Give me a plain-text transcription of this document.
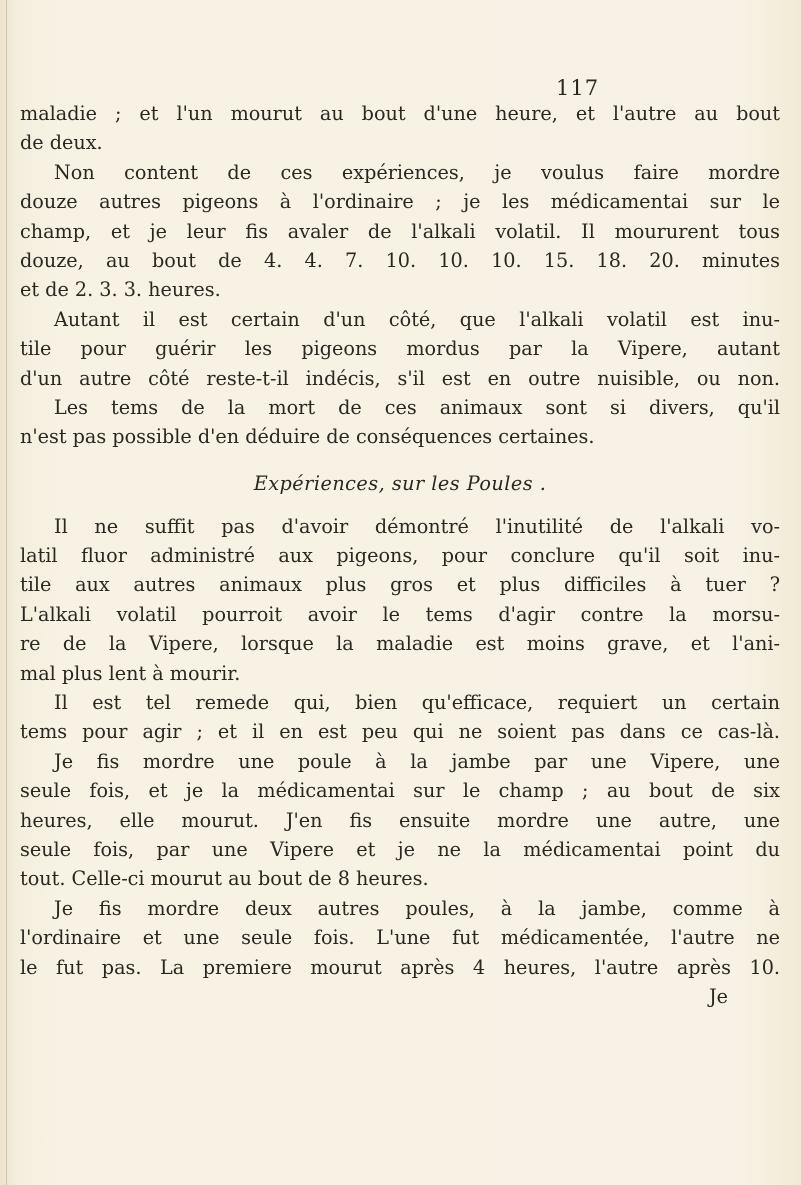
117
maladie ; et l'un mourut au bout d'une heure, et l'autre au bout
de deux.
Non content de ces expériences, je voulus faire mordre
douze autres pigeons à l'ordinaire ; je les médicamentai sur le
champ, et je leur fis avaler de l'alkali volatil. Il moururent tous
douze, au bout de 4. 4. 7. 10. 10. 10. 15. 18. 20. minutes
et de 2. 3. 3. heures.
Autant il est certain d'un côté, que l'alkali volatil est inu-
tile pour guérir les pigeons mordus par la Vipere, autant
d'un autre côté reste-t-il indécis, s'il est en outre nuisible, ou non.
Les tems de la mort de ces animaux sont si divers, qu'il
n'est pas possible d'en déduire de conséquences certaines.
Expériences, sur les Poules .
Il ne suffit pas d'avoir démontré l'inutilité de l'alkali vo-
latil fluor administré aux pigeons, pour conclure qu'il soit inu-
tile aux autres animaux plus gros et plus difficiles à tuer ?
L'alkali volatil pourroit avoir le tems d'agir contre la morsu-
re de la Vipere, lorsque la maladie est moins grave, et l'ani-
mal plus lent à mourir.
Il est tel remede qui, bien qu'efficace, requiert un certain
tems pour agir ; et il en est peu qui ne soient pas dans ce cas-là.
Je fis mordre une poule à la jambe par une Vipere, une
seule fois, et je la médicamentai sur le champ ; au bout de six
heures, elle mourut. J'en fis ensuite mordre une autre, une
seule fois, par une Vipere et je ne la médicamentai point du
tout. Celle-ci mourut au bout de 8 heures.
Je fis mordre deux autres poules, à la jambe, comme à
l'ordinaire et une seule fois. L'une fut médicamentée, l'autre ne
le fut pas. La premiere mourut après 4 heures, l'autre après 10.
Je
